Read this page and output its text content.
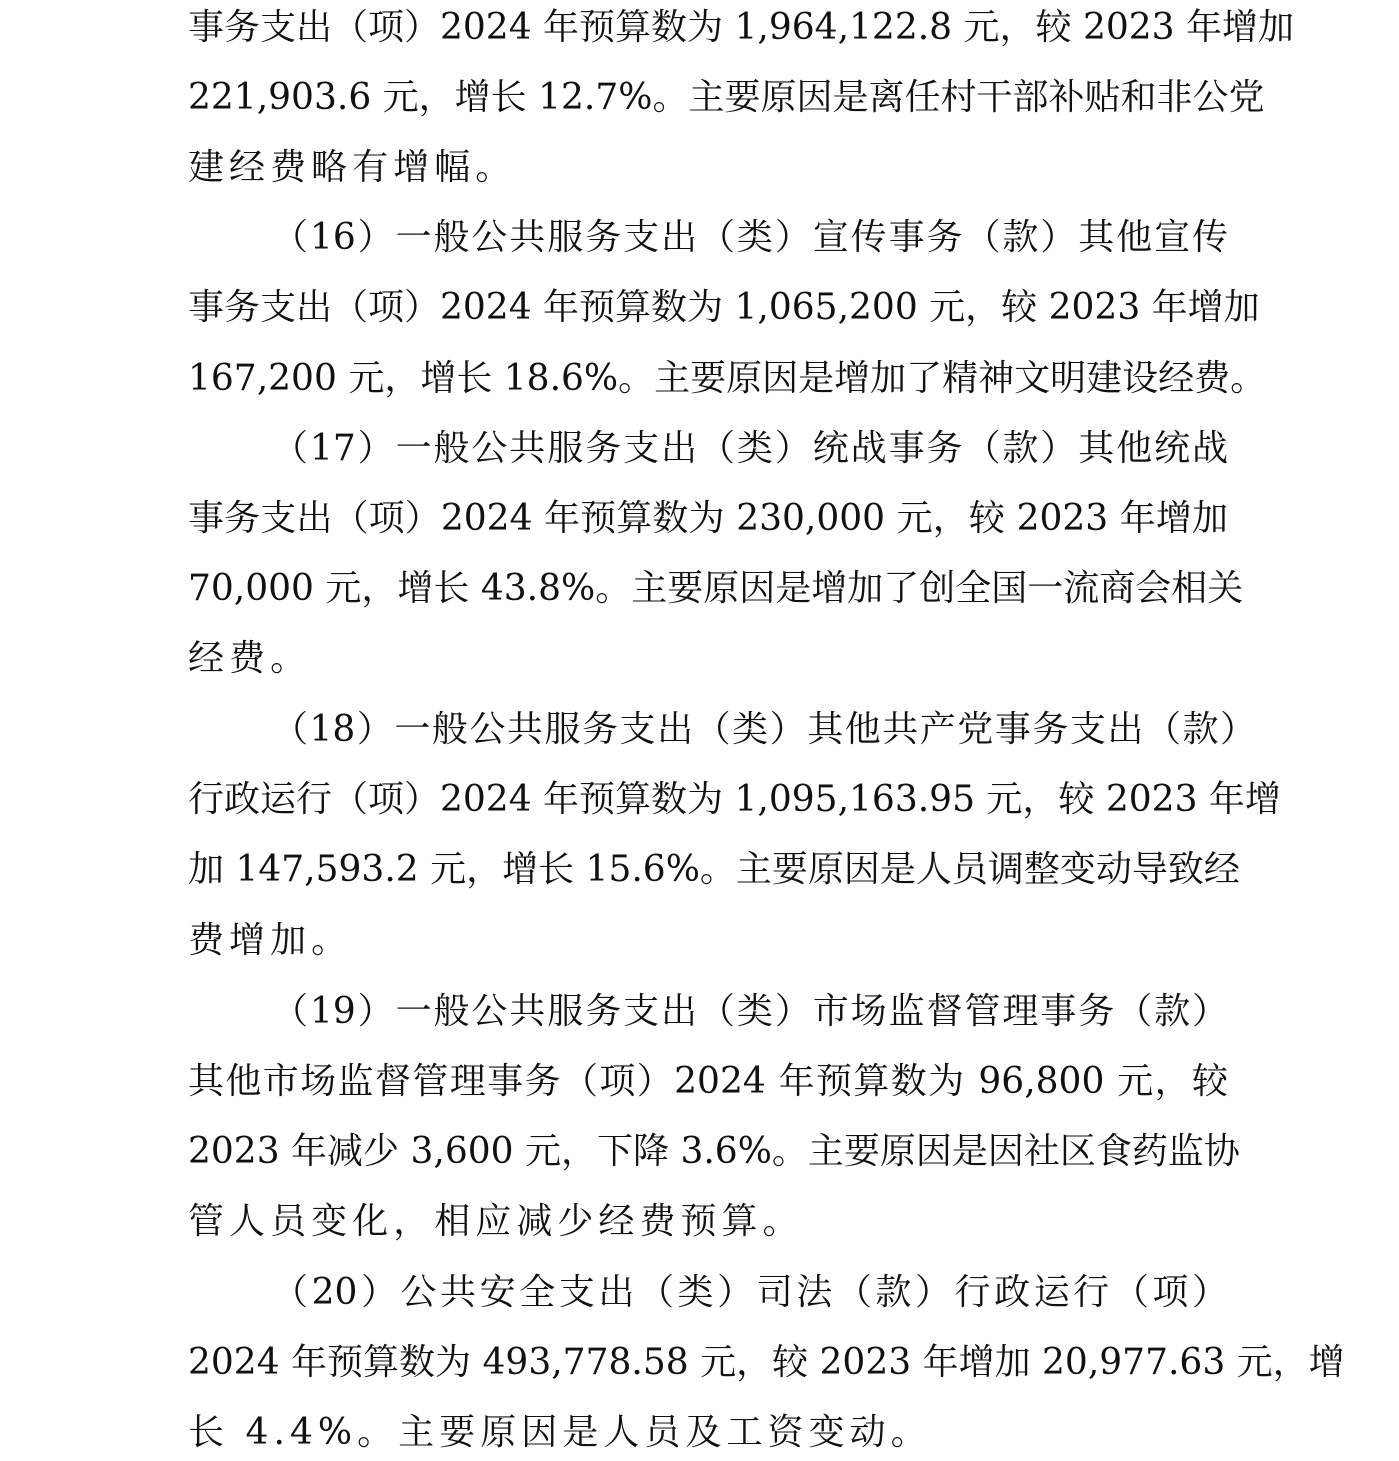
事务支出（项）2024 年预算数为 1,964,122.8 元，较 2023 年增加
221,903.6 元，增长 12.7%。主要原因是离任村干部补贴和非公党
建经费略有增幅。
（16）一般公共服务支出（类）宣传事务（款）其他宣传
事务支出（项）2024 年预算数为 1,065,200 元，较 2023 年增加
167,200 元，增长 18.6%。主要原因是增加了精神文明建设经费。
（17）一般公共服务支出（类）统战事务（款）其他统战
事务支出（项）2024 年预算数为 230,000 元，较 2023 年增加
70,000 元，增长 43.8%。主要原因是增加了创全国一流商会相关
经费。
（18）一般公共服务支出（类）其他共产党事务支出（款）
行政运行（项）2024 年预算数为 1,095,163.95 元，较 2023 年增
加 147,593.2 元，增长 15.6%。主要原因是人员调整变动导致经
费增加。
（19）一般公共服务支出（类）市场监督管理事务（款）
其他市场监督管理事务（项）2024 年预算数为 96,800 元，较
2023 年减少 3,600 元，下降 3.6%。主要原因是因社区食药监协
管人员变化，相应减少经费预算。
（20）公共安全支出（类）司法（款）行政运行（项）
2024 年预算数为 493,778.58 元，较 2023 年增加 20,977.63 元，增
长 4.4%。主要原因是人员及工资变动。
